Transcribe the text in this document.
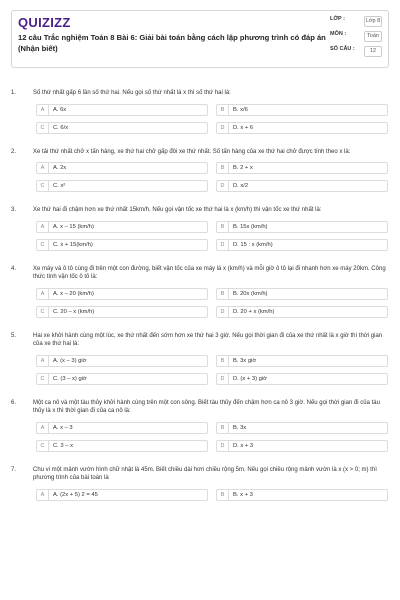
QUIZIZZ
12 câu Trắc nghiệm Toán 8 Bài 6: Giải bài toán bằng cách lập phương trình có đáp án (Nhận biết)
LỚP :	Lớp 8
MÔN :	Toán
SỐ CÂU :	12
1.	Số thứ nhất gấp 6 lần số thứ hai. Nếu gọi số thứ nhất là x thì số thứ hai là:
A	A. 6x	B	B. x/6
C	C. 6/x	D	D. x + 6
2.	Xe tải thứ nhất chở x tấn hàng, xe thứ hai chở gấp đôi xe thứ nhất. Số tấn hàng của xe thứ hai chở được tính theo x là:
A	A. 2x	B	B. 2 + x
C	C. x²	D	D. x/2
3.	Xe thứ hai đi chậm hơn xe thứ nhất 15km/h. Nếu gọi vận tốc xe thứ hai là x (km/h) thì vận tốc xe thứ nhất là:
A	A. x – 15 (km/h)	B	B. 15x (km/h)
C	C. x + 15(km/h)	D	D. 15 : x (km/h)
4.	Xe máy và ô tô cùng đi trên một con đường, biết vận tốc của xe máy là x (km/h) và mỗi giờ ô tô lại đi nhanh hơn xe máy 20km. Công thức tính vận tốc ô tô là:
A	A. x – 20 (km/h)	B	B. 20x (km/h)
C	C. 20 – x (km/h)	D	D. 20 + x (km/h)
5.	Hai xe khởi hành cùng một lúc, xe thứ nhất đến sớm hơn xe thứ hai 3 giờ. Nếu gọi thời gian đi của xe thứ nhất là x giờ thì thời gian của xe thứ hai là:
A	A. (x – 3) giờ	B	B. 3x giờ
C	C. (3 – x) giờ	D	D. (x + 3) giờ
6.	Một ca nô và một tàu thủy khởi hành cùng trên một con sông. Biết tàu thủy đến chậm hơn ca nô 3 giờ. Nếu gọi thời gian đi của tàu thủy là x thì thời gian đi của ca nô là:
A	A. x – 3	B	B. 3x
C	C. 3 – x	D	D. x + 3
7.	Chu vi một mảnh vườn hình chữ nhật là 45m. Biết chiều dài hơn chiều rộng 5m. Nếu gọi chiều rộng mảnh vườn là x (x > 0; m) thì phương trình của bài toán là
A	A. (2x + 5) 2 = 45	B	B. x + 3
